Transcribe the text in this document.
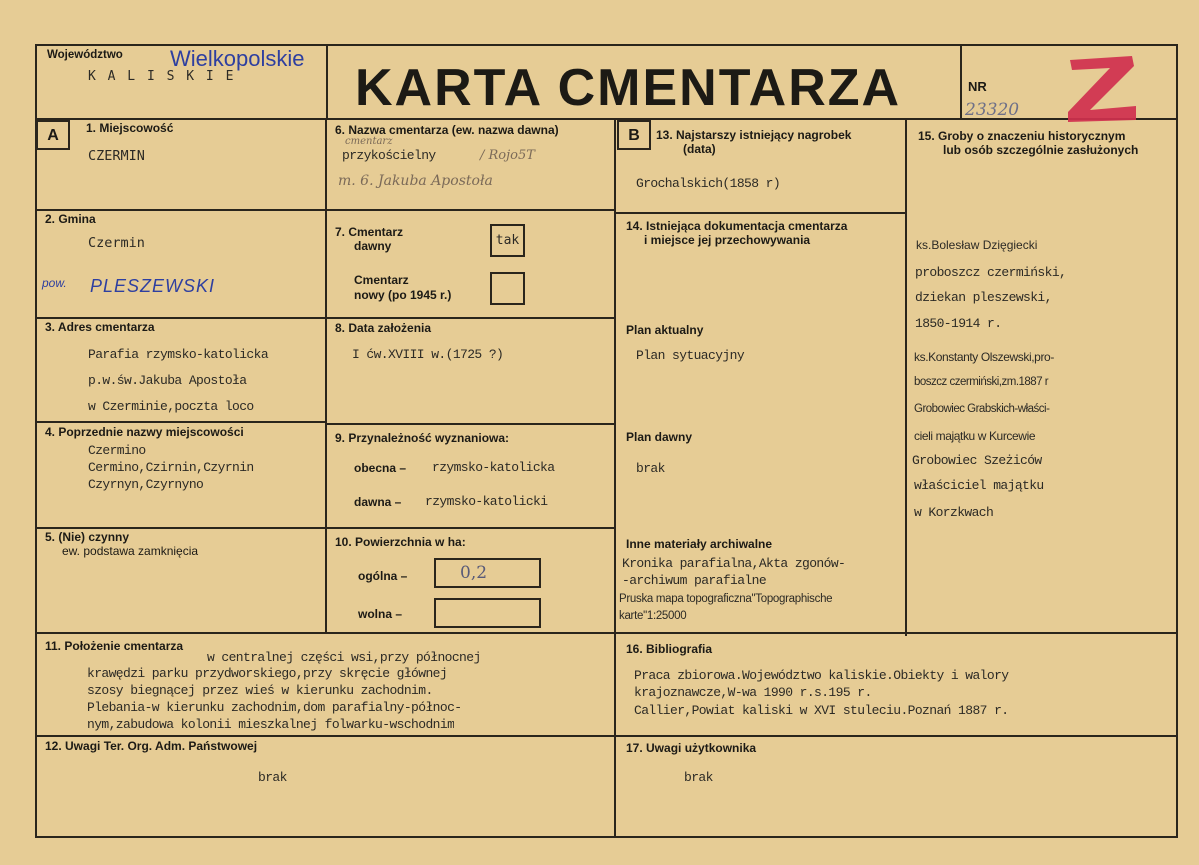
Województwo Wielkopolskie
K A L I S K I E KARTA CMENTARZA	NR
23320
A	B
1. Miejscowość
CZERMIN
2. Gmina
Czermin
pow. PLESZEWSKI
3. Adres cmentarza
Parafia rzymsko-katolicka
p.w.św.Jakuba Apostoła
w Czerminie,poczta loco
4. Poprzednie nazwy miejscowości
Czermino
Cermino,Czirnin,Czyrnin
Czyrnyn,Czyrnyno
5. (Nie) czynny
ew. podstawa zamknięcia
6. Nazwa cmentarza (ew. nazwa dawna)
cmentarz
przykościelny	/ Rojo5T
m. 6. Jakuba Apostoła
7. Cmentarz
dawny	tak
Cmentarz
nowy (po 1945 r.)
8. Data założenia
I ćw.XVIII w.(1725 ?)
9. Przynależność wyznaniowa:
obecna – rzymsko-katolicka
dawna – rzymsko-katolicki
10. Powierzchnia w ha:
ogólna –	0,2
wolna –
11. Położenie cmentarza
w centralnej części wsi,przy północnej
krawędzi parku przydworskiego,przy skręcie głównej
szosy biegnącej przez wieś w kierunku zachodnim.
Plebania-w kierunku zachodnim,dom parafialny-północ-
nym,zabudowa kolonii mieszkalnej folwarku-wschodnim
12. Uwagi Ter. Org. Adm. Państwowej
brak
13. Najstarszy istniejący nagrobek
(data)
Grochalskich(1858 r)
14. Istniejąca dokumentacja cmentarza
i miejsce jej przechowywania
Plan aktualny
Plan sytuacyjny
Plan dawny
brak
Inne materiały archiwalne
Kronika parafialna,Akta zgonów-
-archiwum parafialne
Pruska mapa topograficzna"Topographische
karte"1:25000
15. Groby o znaczeniu historycznym
lub osób szczególnie zasłużonych
ks.Bolesław Dzięgiecki
proboszcz czermiński,
dziekan pleszewski,
1850-1914 r.
ks.Konstanty Olszewski,pro-
boszcz czermiński,zm.1887 r
Grobowiec Grabskich-właści-
cieli majątku w Kurcewie
Grobowiec Szeżiców
właściciel majątku
w Korzkwach
16. Bibliografia
Praca zbiorowa.Województwo kaliskie.Obiekty i walory
krajoznawcze,W-wa 1990 r.s.195 r.
Callier,Powiat kaliski w XVI stuleciu.Poznań 1887 r.
17. Uwagi użytkownika
brak
